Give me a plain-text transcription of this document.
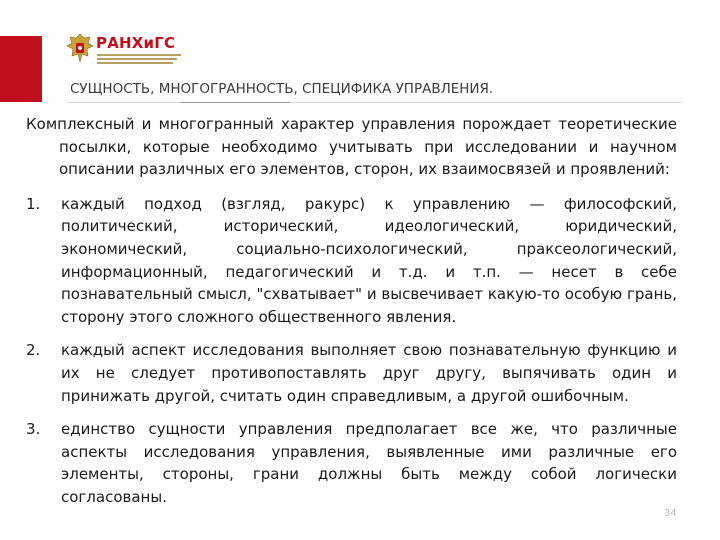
РАНХиГС
СУЩНОСТЬ, МНОГОГРАННОСТЬ, СПЕЦИФИКА УПРАВЛЕНИЯ.

Комплексный и многогранный характер управления порождает теоретические посылки, которые необходимо учитывать при исследовании и научном описании различных его элементов, сторон, их взаимосвязей и проявлений:

1. каждый подход (взгляд, ракурс) к управлению — философский, политический, исторический, идеологический, юридический, экономический, социально-психологический, праксеологический, информационный, педагогический и т.д. и т.п. — несет в себе познавательный смысл, "схватывает" и высвечивает какую-то особую грань, сторону этого сложного общественного явления.
2. каждый аспект исследования выполняет свою познавательную функцию и их не следует противопоставлять друг другу, выпячивать один и принижать другой, считать один справедливым, а другой ошибочным.
3. единство сущности управления предполагает все же, что различные аспекты исследования управления, выявленные ими различные его элементы, стороны, грани должны быть между собой логически согласованы.
34
